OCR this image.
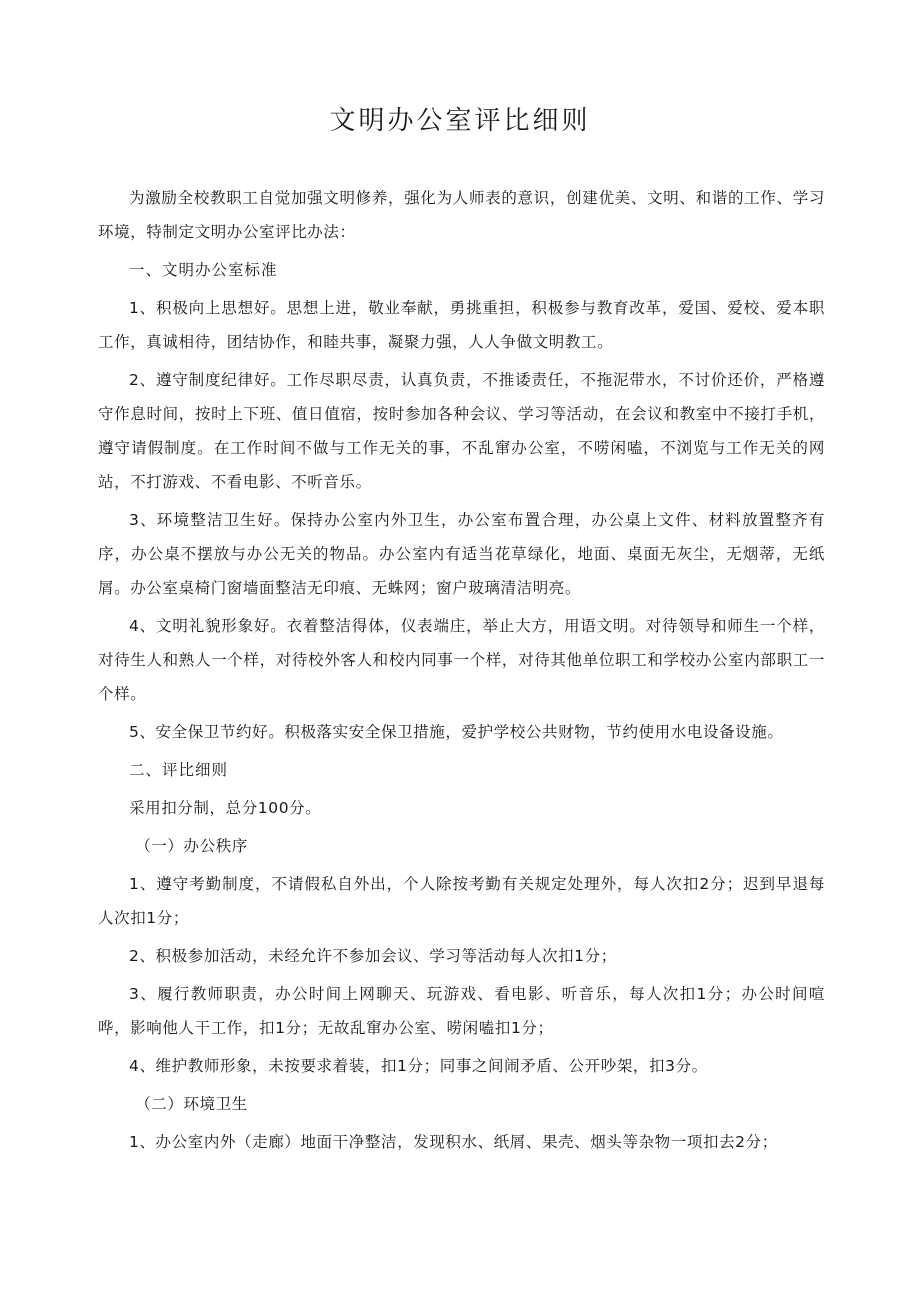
文明办公室评比细则

为激励全校教职工自觉加强文明修养，强化为人师表的意识，创建优美、文明、和谐的工作、学习环境，特制定文明办公室评比办法：

一、文明办公室标准

1、积极向上思想好。思想上进，敬业奉献，勇挑重担，积极参与教育改革，爱国、爱校、爱本职工作，真诚相待，团结协作，和睦共事，凝聚力强，人人争做文明教工。

2、遵守制度纪律好。工作尽职尽责，认真负责，不推诿责任，不拖泥带水，不讨价还价，严格遵守作息时间，按时上下班、值日值宿，按时参加各种会议、学习等活动，在会议和教室中不接打手机，遵守请假制度。在工作时间不做与工作无关的事，不乱窜办公室，不唠闲嗑，不浏览与工作无关的网站，不打游戏、不看电影、不听音乐。

3、环境整洁卫生好。保持办公室内外卫生，办公室布置合理，办公桌上文件、材料放置整齐有序，办公桌不摆放与办公无关的物品。办公室内有适当花草绿化，地面、桌面无灰尘，无烟蒂，无纸屑。办公室桌椅门窗墙面整洁无印痕、无蛛网；窗户玻璃清洁明亮。

4、文明礼貌形象好。衣着整洁得体，仪表端庄，举止大方，用语文明。对待领导和师生一个样，对待生人和熟人一个样，对待校外客人和校内同事一个样，对待其他单位职工和学校办公室内部职工一个样。

5、安全保卫节约好。积极落实安全保卫措施，爱护学校公共财物，节约使用水电设备设施。

二、评比细则

采用扣分制，总分100分。

（一）办公秩序

1、遵守考勤制度，不请假私自外出，个人除按考勤有关规定处理外，每人次扣2分；迟到早退每人次扣1分；

2、积极参加活动，未经允许不参加会议、学习等活动每人次扣1分；

3、履行教师职责，办公时间上网聊天、玩游戏、看电影、听音乐，每人次扣1分；办公时间喧哗，影响他人干工作，扣1分；无故乱窜办公室、唠闲嗑扣1分；

4、维护教师形象，未按要求着装，扣1分；同事之间闹矛盾、公开吵架，扣3分。

（二）环境卫生

1、办公室内外（走廊）地面干净整洁，发现积水、纸屑、果壳、烟头等杂物一项扣去2分；
